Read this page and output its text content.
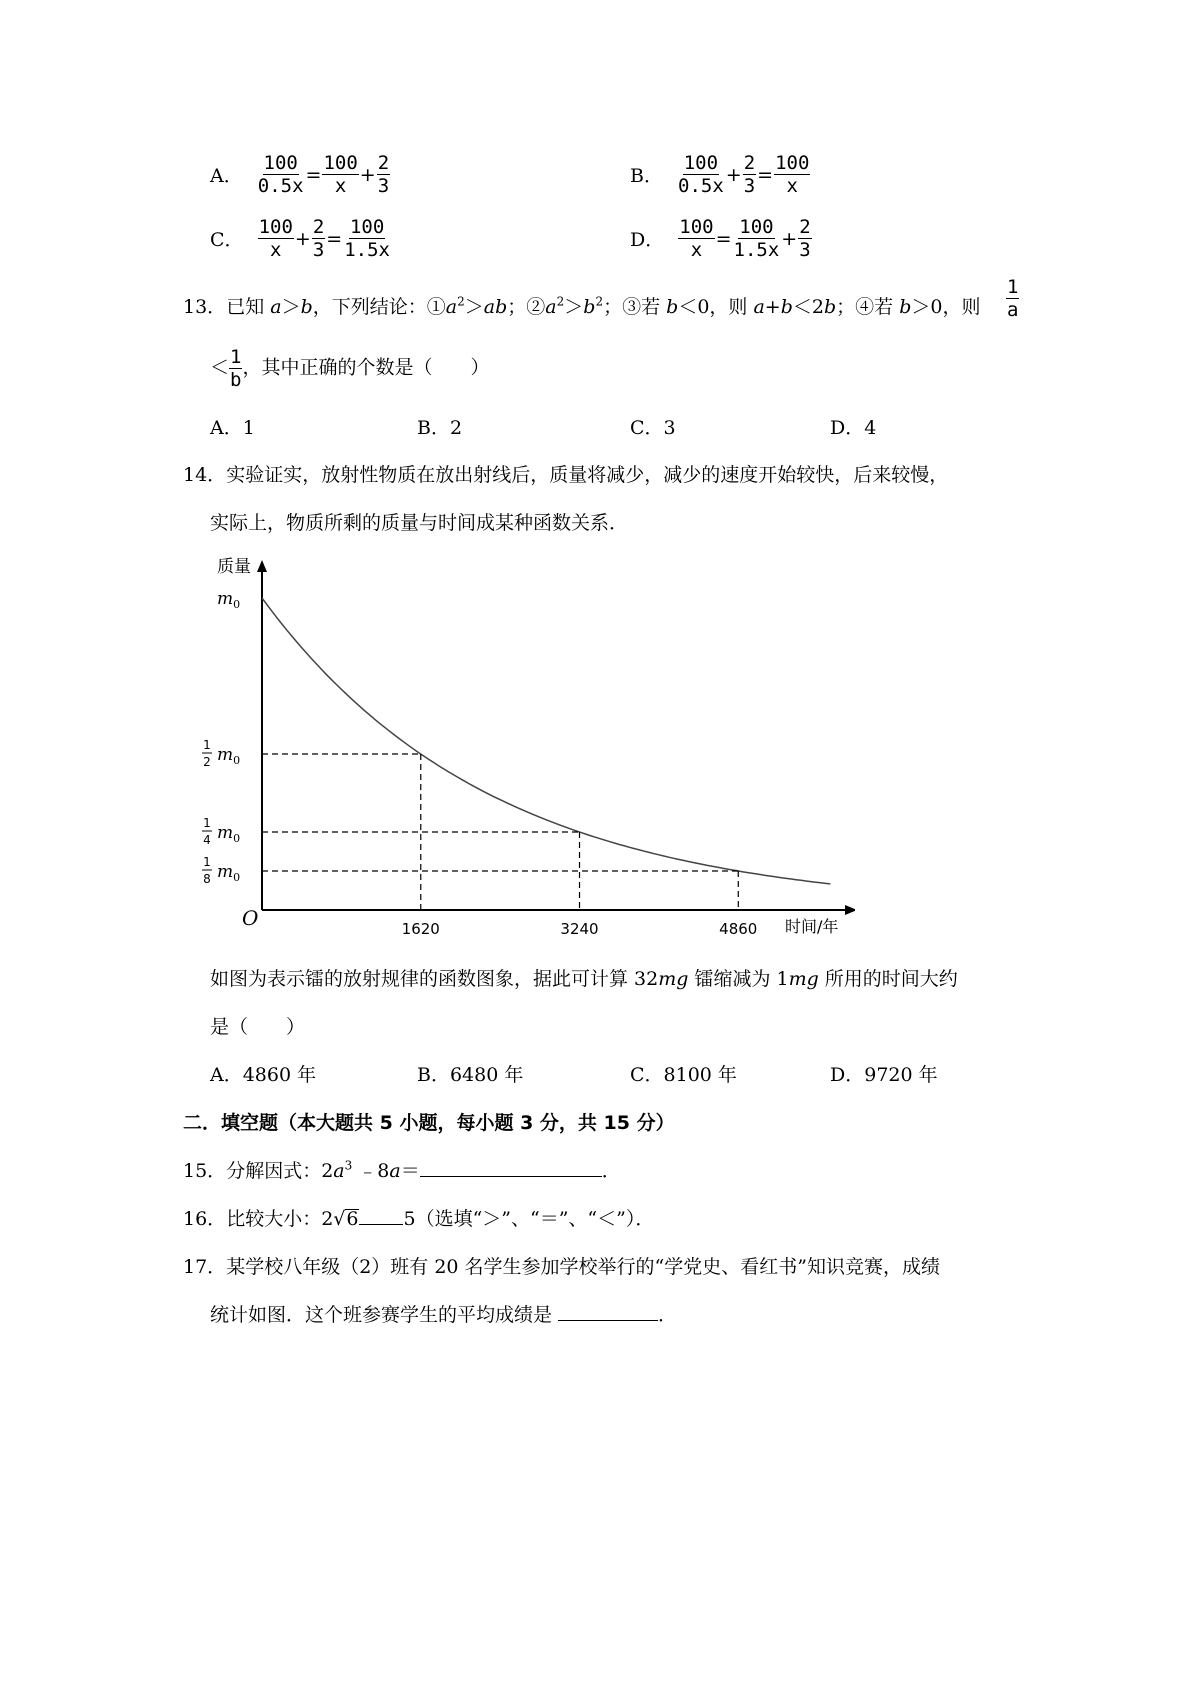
A． $\frac{100}{0.5x} = \frac{100}{x} + \frac{2}{3}$	B． $\frac{100}{0.5x} + \frac{2}{3} = \frac{100}{x}$
C． $\frac{100}{x} + \frac{2}{3} = \frac{100}{1.5x}$	D． $\frac{100}{x} = \frac{100}{1.5x} + \frac{2}{3}$
13．已知 a＞b，下列结论：$①a^2>ab$；$②a^2>b^2$；③若 b＜0，则 a+b＜2b；④若 b＞0，则 $\frac{1}{a}$
＜ $\frac{1}{b}$ ，其中正确的个数是（　　）
A．1	B．2	C．3	D．4
14．实验证实，放射性物质在放出射线后，质量将减少，减少的速度开始较快，后来较慢，
实际上，物质所剩的质量与时间成某种函数关系．
质量
时间/年
O	1620	3240	4860
$m_0$
1
2 $m_0$
1
4 $m_0$
1
8 $m_0$
如图为表示镭的放射规律的函数图象，据此可计算 32mg 镭缩减为 1mg 所用的时间大约
是（　　）
A．4860 年	B．6480 年	C．8100 年	D．9720 年
二．填空题（本大题共 5 小题，每小题 3 分，共 15 分）
15．分解因式：$2a^3$ ﹣8a＝	．
16．比较大小：2√6 5（选填“＞”、“＝”、“＜”）．
17．某学校八年级（2）班有 20 名学生参加学校举行的“学党史、看红书”知识竞赛，成绩
统计如图．这个班参赛学生的平均成绩是	．
